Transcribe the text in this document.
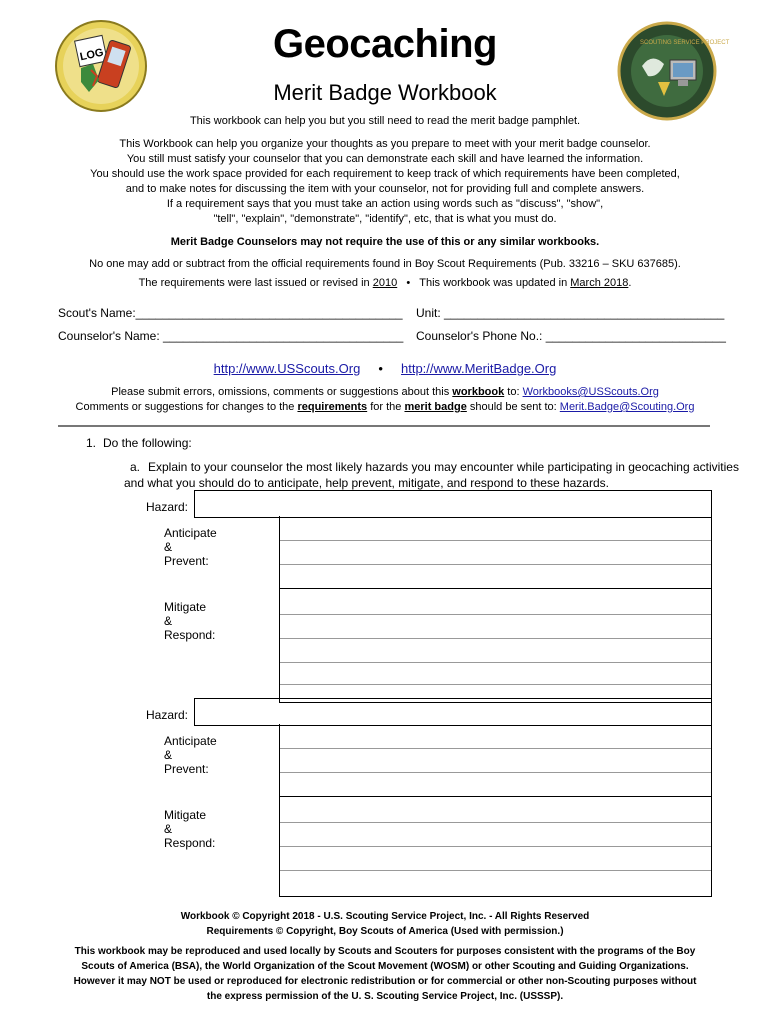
LOG
SCOUTING SERVICE PROJECT
Geocaching
Merit Badge Workbook
This workbook can help you but you still need to read the merit badge pamphlet.
This Workbook can help you organize your thoughts as you prepare to meet with your merit badge counselor.
You still must satisfy your counselor that you can demonstrate each skill and have learned the information.
You should use the work space provided for each requirement to keep track of which requirements have been completed,
and to make notes for discussing the item with your counselor, not for providing full and complete answers.
If a requirement says that you must take an action using words such as "discuss", "show",
"tell", "explain", "demonstrate", "identify", etc, that is what you must do.
Merit Badge Counselors may not require the use of this or any similar workbooks.
No one may add or subtract from the official requirements found in Boy Scout Requirements (Pub. 33216 – SKU 637685).
The requirements were last issued or revised in 2010 • This workbook was updated in March 2018.
Scout's Name:________________________________________ Unit: __________________________________________
Counselor's Name: ____________________________________ Counselor's Phone No.: ___________________________
http://www.USScouts.Org • http://www.MeritBadge.Org
Please submit errors, omissions, comments or suggestions about this workbook to: Workbooks@USScouts.Org
Comments or suggestions for changes to the requirements for the merit badge should be sent to: Merit.Badge@Scouting.Org
1. Do the following:
a. Explain to your counselor the most likely hazards you may encounter while participating in geocaching activities
and what you should do to anticipate, help prevent, mitigate, and respond to these hazards.
Hazard:
Anticipate & Prevent:
Mitigate & Respond:
Hazard:
Anticipate & Prevent:
Mitigate & Respond:
Workbook © Copyright 2018 - U.S. Scouting Service Project, Inc. - All Rights Reserved
Requirements © Copyright, Boy Scouts of America (Used with permission.)
This workbook may be reproduced and used locally by Scouts and Scouters for purposes consistent with the programs of the Boy
Scouts of America (BSA), the World Organization of the Scout Movement (WOSM) or other Scouting and Guiding Organizations.
However it may NOT be used or reproduced for electronic redistribution or for commercial or other non-Scouting purposes without
the express permission of the U. S. Scouting Service Project, Inc. (USSSP).
